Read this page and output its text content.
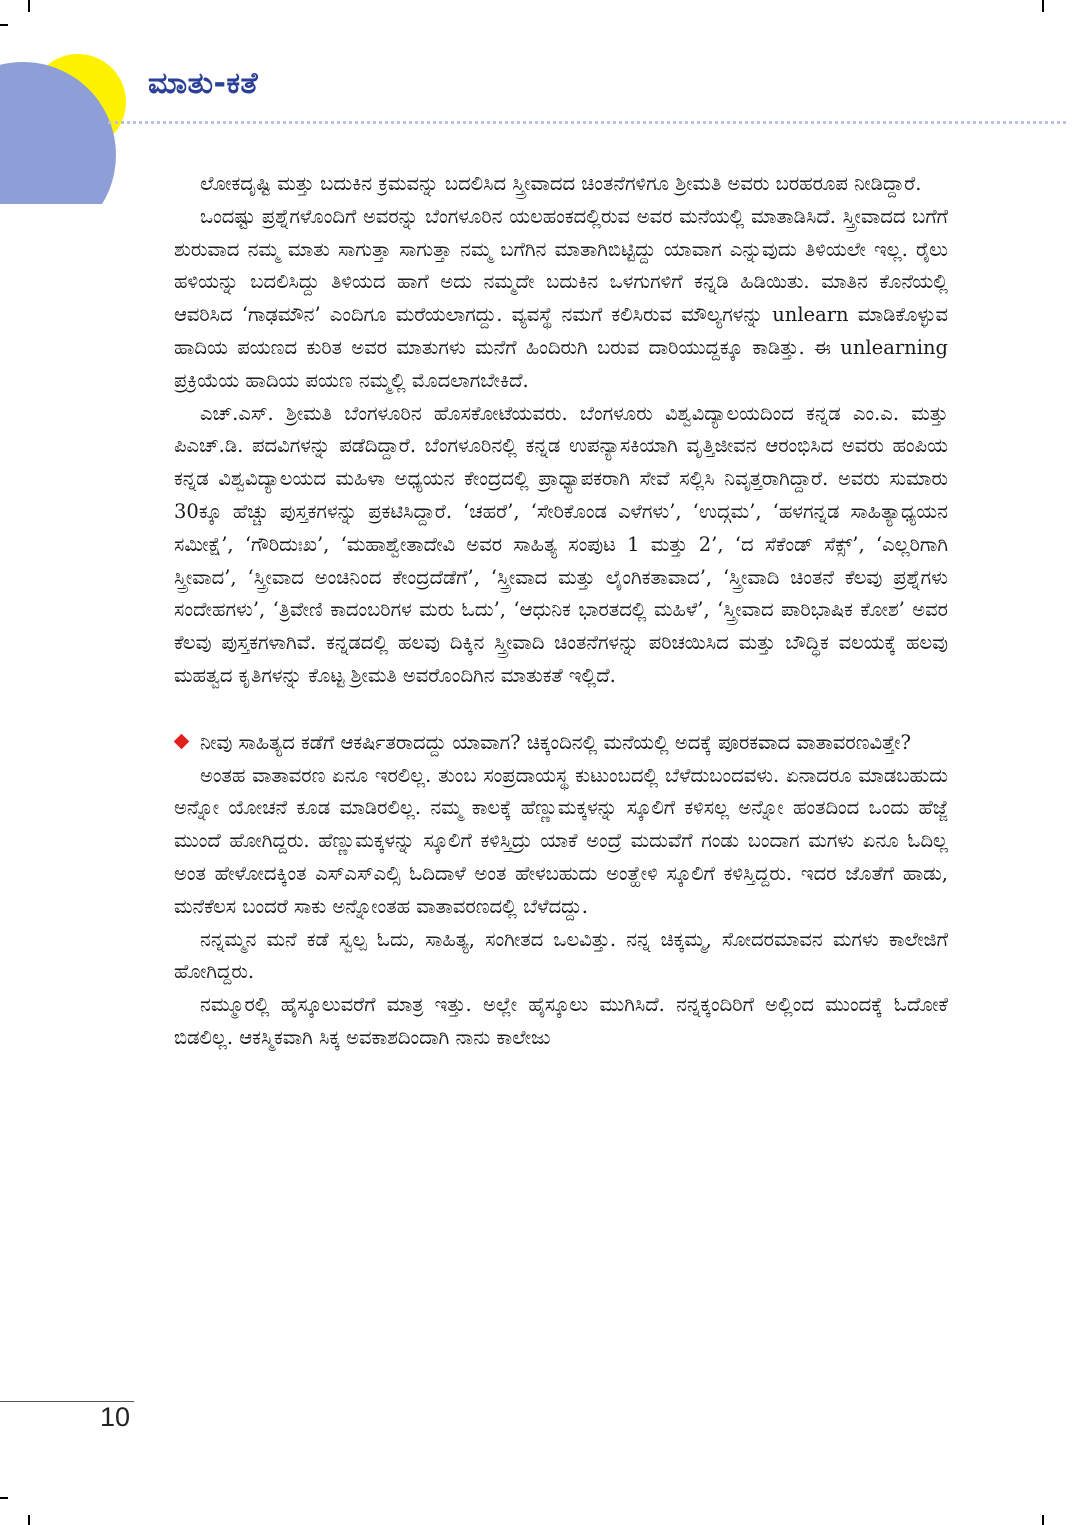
ಮಾತು-ಕತೆ

ಲೋಕದೃಷ್ಟಿ ಮತ್ತು ಬದುಕಿನ ಕ್ರಮವನ್ನು ಬದಲಿಸಿದ ಸ್ತ್ರೀವಾದದ ಚಿಂತನೆಗಳಿಗೂ ಶ್ರೀಮತಿ ಅವರು ಬರಹರೂಪ ನೀಡಿದ್ದಾರೆ.

ಒಂದಷ್ಟು ಪ್ರಶ್ನೆಗಳೊಂದಿಗೆ ಅವರನ್ನು ಬೆಂಗಳೂರಿನ ಯಲಹಂಕದಲ್ಲಿರುವ ಅವರ ಮನೆಯಲ್ಲಿ ಮಾತಾಡಿಸಿದೆ. ಸ್ತ್ರೀವಾದದ ಬಗೆಗೆ ಶುರುವಾದ ನಮ್ಮ ಮಾತು ಸಾಗುತ್ತಾ ಸಾಗುತ್ತಾ ನಮ್ಮ ಬಗೆಗಿನ ಮಾತಾಗಿಬಿಟ್ಟಿದ್ದು ಯಾವಾಗ ಎನ್ನುವುದು ತಿಳಿಯಲೇ ಇಲ್ಲ. ರೈಲು ಹಳಿಯನ್ನು ಬದಲಿಸಿದ್ದು ತಿಳಿಯದ ಹಾಗೆ ಅದು ನಮ್ಮದೇ ಬದುಕಿನ ಒಳಗುಗಳಿಗೆ ಕನ್ನಡಿ ಹಿಡಿಯಿತು. ಮಾತಿನ ಕೊನೆಯಲ್ಲಿ ಆವರಿಸಿದ ‘ಗಾಢಮೌನ’ ಎಂದಿಗೂ ಮರೆಯಲಾಗದ್ದು. ವ್ಯವಸ್ಥೆ ನಮಗೆ ಕಲಿಸಿರುವ ಮೌಲ್ಯಗಳನ್ನು unlearn ಮಾಡಿಕೊಳ್ಳುವ ಹಾದಿಯ ಪಯಣದ ಕುರಿತ ಅವರ ಮಾತುಗಳು ಮನೆಗೆ ಹಿಂದಿರುಗಿ ಬರುವ ದಾರಿಯುದ್ದಕ್ಕೂ ಕಾಡಿತ್ತು. ಈ unlearning ಪ್ರಕ್ರಿಯೆಯ ಹಾದಿಯ ಪಯಣ ನಮ್ಮಲ್ಲಿ ಮೊದಲಾಗಬೇಕಿದೆ.

ಎಚ್.ಎಸ್. ಶ್ರೀಮತಿ ಬೆಂಗಳೂರಿನ ಹೊಸಕೋಟೆಯವರು. ಬೆಂಗಳೂರು ವಿಶ್ವವಿದ್ಯಾಲಯದಿಂದ ಕನ್ನಡ ಎಂ.ಎ. ಮತ್ತು ಪಿಎಚ್.ಡಿ. ಪದವಿಗಳನ್ನು ಪಡೆದಿದ್ದಾರೆ. ಬೆಂಗಳೂರಿನಲ್ಲಿ ಕನ್ನಡ ಉಪನ್ಯಾಸಕಿಯಾಗಿ ವೃತ್ತಿಜೀವನ ಆರಂಭಿಸಿದ ಅವರು ಹಂಪಿಯ ಕನ್ನಡ ವಿಶ್ವವಿದ್ಯಾಲಯದ ಮಹಿಳಾ ಅಧ್ಯಯನ ಕೇಂದ್ರದಲ್ಲಿ ಪ್ರಾಧ್ಯಾಪಕರಾಗಿ ಸೇವೆ ಸಲ್ಲಿಸಿ ನಿವೃತ್ತರಾಗಿದ್ದಾರೆ. ಅವರು ಸುಮಾರು 30ಕ್ಕೂ ಹೆಚ್ಚು ಪುಸ್ತಕಗಳನ್ನು ಪ್ರಕಟಿಸಿದ್ದಾರೆ. ‘ಚಹರೆ’, ‘ಸೇರಿಕೊಂಡ ಎಳೆಗಳು’, ‘ಉದ್ಗಮ’, ‘ಹಳಗನ್ನಡ ಸಾಹಿತ್ಯಾಧ್ಯಯನ ಸಮೀಕ್ಷೆ’, ‘ಗೌರಿದುಃಖ’, ‘ಮಹಾಶ್ವೇತಾದೇವಿ ಅವರ ಸಾಹಿತ್ಯ ಸಂಪುಟ 1 ಮತ್ತು 2’, ‘ದ ಸೆಕೆಂಡ್ ಸೆಕ್ಸ್’, ‘ಎಲ್ಲರಿಗಾಗಿ ಸ್ತ್ರೀವಾದ’, ‘ಸ್ತ್ರೀವಾದ ಅಂಚಿನಿಂದ ಕೇಂದ್ರದೆಡೆಗೆ’, ‘ಸ್ತ್ರೀವಾದ ಮತ್ತು ಲೈಂಗಿಕತಾವಾದ’, ‘ಸ್ತ್ರೀವಾದಿ ಚಿಂತನೆ ಕೆಲವು ಪ್ರಶ್ನೆಗಳು ಸಂದೇಹಗಳು’, ‘ತ್ರಿವೇಣಿ ಕಾದಂಬರಿಗಳ ಮರು ಓದು’, ‘ಆಧುನಿಕ ಭಾರತದಲ್ಲಿ ಮಹಿಳೆ’, ‘ಸ್ತ್ರೀವಾದ ಪಾರಿಭಾಷಿಕ ಕೋಶ’ ಅವರ ಕೆಲವು ಪುಸ್ತಕಗಳಾಗಿವೆ. ಕನ್ನಡದಲ್ಲಿ ಹಲವು ದಿಕ್ಕಿನ ಸ್ತ್ರೀವಾದಿ ಚಿಂತನೆಗಳನ್ನು ಪರಿಚಯಿಸಿದ ಮತ್ತು ಬೌದ್ಧಿಕ ವಲಯಕ್ಕೆ ಹಲವು ಮಹತ್ವದ ಕೃತಿಗಳನ್ನು ಕೊಟ್ಟ ಶ್ರೀಮತಿ ಅವರೊಂದಿಗಿನ ಮಾತುಕತೆ ಇಲ್ಲಿದೆ.

ನೀವು ಸಾಹಿತ್ಯದ ಕಡೆಗೆ ಆಕರ್ಷಿತರಾದದ್ದು ಯಾವಾಗ? ಚಿಕ್ಕಂದಿನಲ್ಲಿ ಮನೆಯಲ್ಲಿ ಅದಕ್ಕೆ ಪೂರಕವಾದ ವಾತಾವರಣವಿತ್ತೇ?

ಅಂತಹ ವಾತಾವರಣ ಏನೂ ಇರಲಿಲ್ಲ. ತುಂಬ ಸಂಪ್ರದಾಯಸ್ಥ ಕುಟುಂಬದಲ್ಲಿ ಬೆಳೆದುಬಂದವಳು. ಏನಾದರೂ ಮಾಡಬಹುದು ಅನ್ನೋ ಯೋಚನೆ ಕೂಡ ಮಾಡಿರಲಿಲ್ಲ. ನಮ್ಮ ಕಾಲಕ್ಕೆ ಹೆಣ್ಣುಮಕ್ಕಳನ್ನು ಸ್ಕೂಲಿಗೆ ಕಳಿಸಲ್ಲ ಅನ್ನೋ ಹಂತದಿಂದ ಒಂದು ಹೆಜ್ಜೆ ಮುಂದೆ ಹೋಗಿದ್ದರು. ಹೆಣ್ಣುಮಕ್ಕಳನ್ನು ಸ್ಕೂಲಿಗೆ ಕಳಿಸ್ತಿದ್ರು ಯಾಕೆ ಅಂದ್ರೆ ಮದುವೆಗೆ ಗಂಡು ಬಂದಾಗ ಮಗಳು ಏನೂ ಓದಿಲ್ಲ ಅಂತ ಹೇಳೋದಕ್ಕಿಂತ ಎಸ್ಎಸ್ಎಲ್ಸಿ ಓದಿದಾಳೆ ಅಂತ ಹೇಳಬಹುದು ಅಂತ್ಹೇಳಿ ಸ್ಕೂಲಿಗೆ ಕಳಿಸ್ತಿದ್ದರು. ಇದರ ಜೊತೆಗೆ ಹಾಡು, ಮನೆಕೆಲಸ ಬಂದರೆ ಸಾಕು ಅನ್ನೋಂತಹ ವಾತಾವರಣದಲ್ಲಿ ಬೆಳೆದದ್ದು.

ನನ್ನಮ್ಮನ ಮನೆ ಕಡೆ ಸ್ವಲ್ಪ ಓದು, ಸಾಹಿತ್ಯ, ಸಂಗೀತದ ಒಲವಿತ್ತು. ನನ್ನ ಚಿಕ್ಕಮ್ಮ, ಸೋದರಮಾವನ ಮಗಳು ಕಾಲೇಜಿಗೆ ಹೋಗಿದ್ದರು.

ನಮ್ಮೂರಲ್ಲಿ ಹೈಸ್ಕೂಲುವರೆಗೆ ಮಾತ್ರ ಇತ್ತು. ಅಲ್ಲೇ ಹೈಸ್ಕೂಲು ಮುಗಿಸಿದೆ. ನನ್ನಕ್ಕಂದಿರಿಗೆ ಅಲ್ಲಿಂದ ಮುಂದಕ್ಕೆ ಓದೋಕೆ ಬಿಡಲಿಲ್ಲ. ಆಕಸ್ಮಿಕವಾಗಿ ಸಿಕ್ಕ ಅವಕಾಶದಿಂದಾಗಿ ನಾನು ಕಾಲೇಜು

10
